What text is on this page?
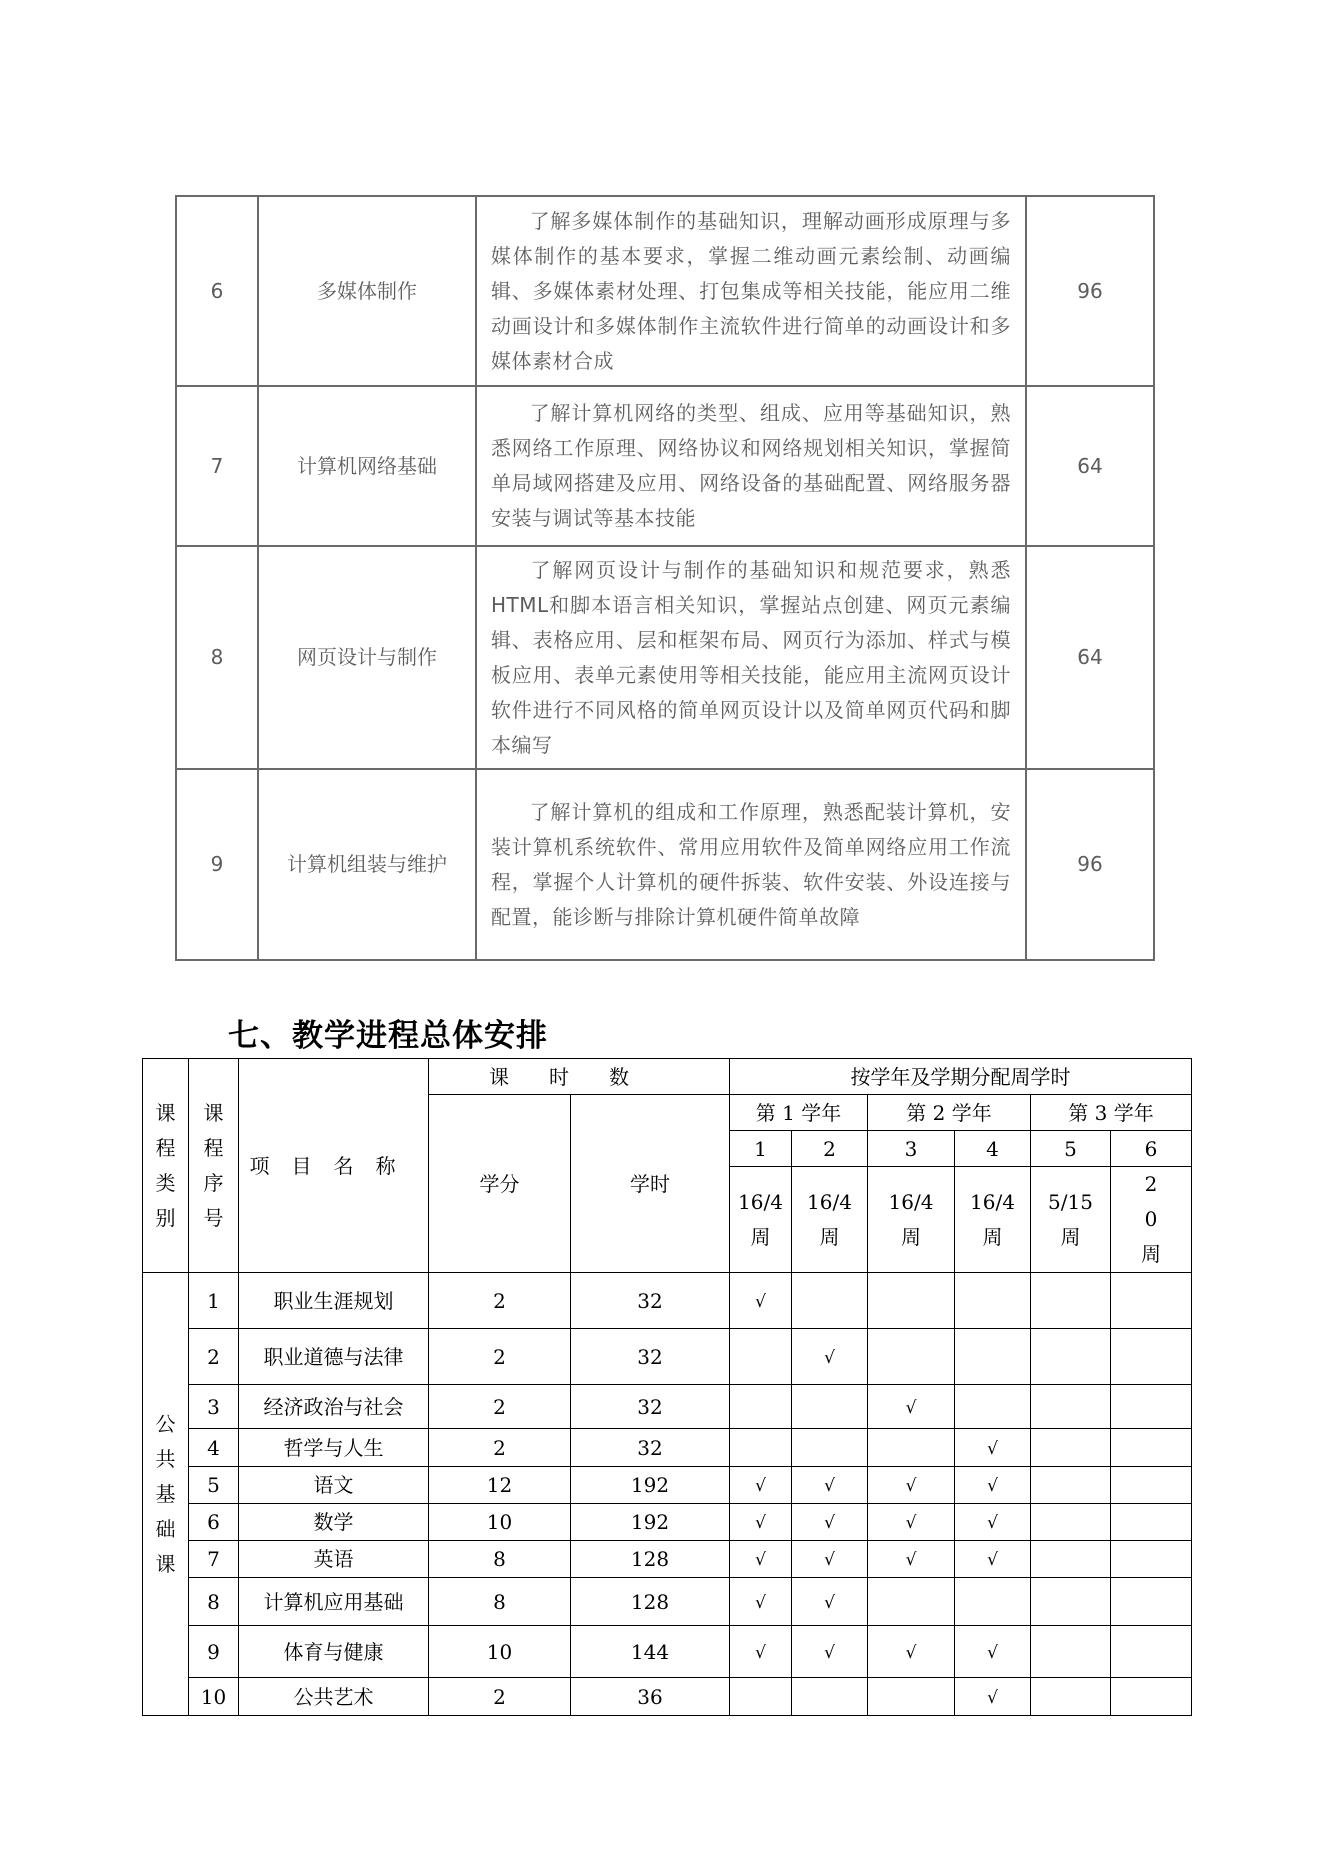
6	多媒体制作	了解多媒体制作的基础知识，理解动画形成原理与多媒体制作的基本要求，掌握二维动画元素绘制、动画编辑、多媒体素材处理、打包集成等相关技能，能应用二维动画设计和多媒体制作主流软件进行简单的动画设计和多媒体素材合成	96
7	计算机网络基础	了解计算机网络的类型、组成、应用等基础知识，熟悉网络工作原理、网络协议和网络规划相关知识，掌握简单局域网搭建及应用、网络设备的基础配置、网络服务器安装与调试等基本技能	64
8	网页设计与制作	了解网页设计与制作的基础知识和规范要求，熟悉HTML和脚本语言相关知识，掌握站点创建、网页元素编辑、表格应用、层和框架布局、网页行为添加、样式与模板应用、表单元素使用等相关技能，能应用主流网页设计软件进行不同风格的简单网页设计以及简单网页代码和脚本编写	64
9	计算机组装与维护	了解计算机的组成和工作原理，熟悉配装计算机，安装计算机系统软件、常用应用软件及简单网络应用工作流程，掌握个人计算机的硬件拆装、软件安装、外设连接与配置，能诊断与排除计算机硬件简单故障	96
七、教学进程总体安排
课程类别	课程序号	项目名称	课时数		按学年及学期分配周学时					
			学分	学时	第 1 学年		第 2 学年		第 3 学年	
					1	2	3	4	5	6
					16/4周	16/4周	16/4周	16/4周	5/15周	20周
公共基础课	1	职业生涯规划	2	32	√					
	2	职业道德与法律	2	32		√				
	3	经济政治与社会	2	32			√			
	4	哲学与人生	2	32				√		
	5	语文	12	192	√	√	√	√		
	6	数学	10	192	√	√	√	√		
	7	英语	8	128	√	√	√	√		
	8	计算机应用基础	8	128	√	√				
	9	体育与健康	10	144	√	√	√	√		
	10	公共艺术	2	36				√		
